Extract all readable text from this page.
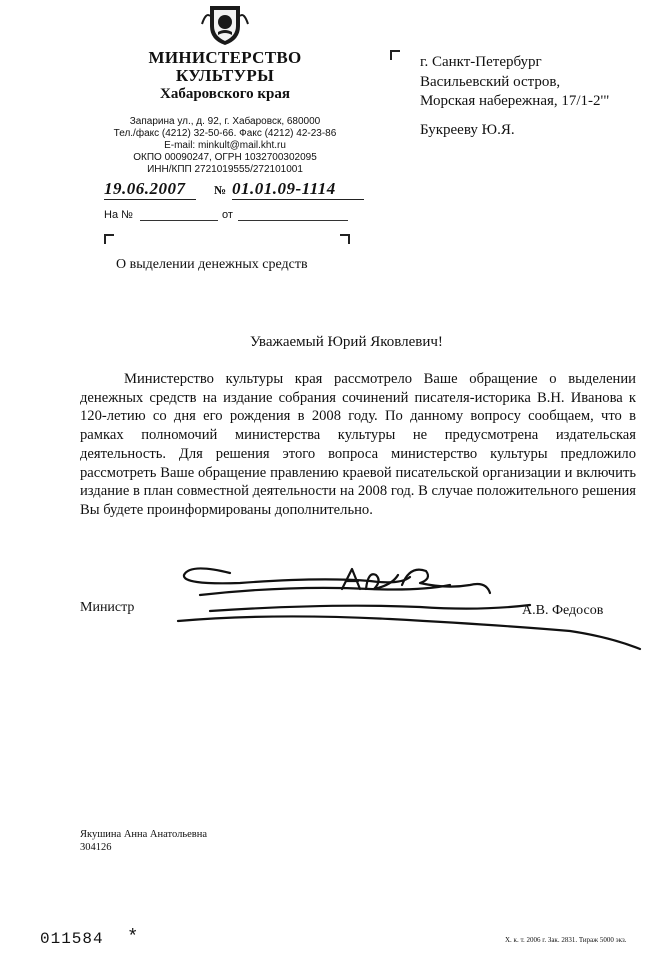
МИНИСТЕРСТВО
КУЛЬТУРЫ
Хабаровского края
Запарина ул., д. 92, г. Хабаровск, 680000
Тел./факс (4212) 32-50-66. Факс (4212) 42-23-86
E-mail: minkult@mail.kht.ru
ОКПО 00090247, ОГРН 1032700302095
ИНН/КПП 2721019555/272101001
19.06.2007	№ 01.01.09-1114
На №	от
О выделении денежных средств
г. Санкт-Петербург
Васильевский остров,
Морская набережная, 17/1-2'"
Букрееву Ю.Я.
Уважаемый Юрий Яковлевич!
Министерство культуры края рассмотрело Ваше обращение о выделении денежных средств на издание собрания сочинений писателя-историка В.Н. Иванова к 120-летию со дня его рождения в 2008 году. По данному вопросу сообщаем, что в рамках полномочий министерства культуры не предусмотрена издательская деятельность. Для решения этого вопроса министерство культуры предложило рассмотреть Ваше обращение правлению краевой писательской организации и включить издание в план совместной деятельности на 2008 год. В случае положительного решения Вы будете проинформированы дополнительно.
Министр	А.В. Федосов
Якушина Анна Анатольевна
304126
011584 *	Х. к. т. 2006 г. Зак. 2831. Тираж 5000 экз.
